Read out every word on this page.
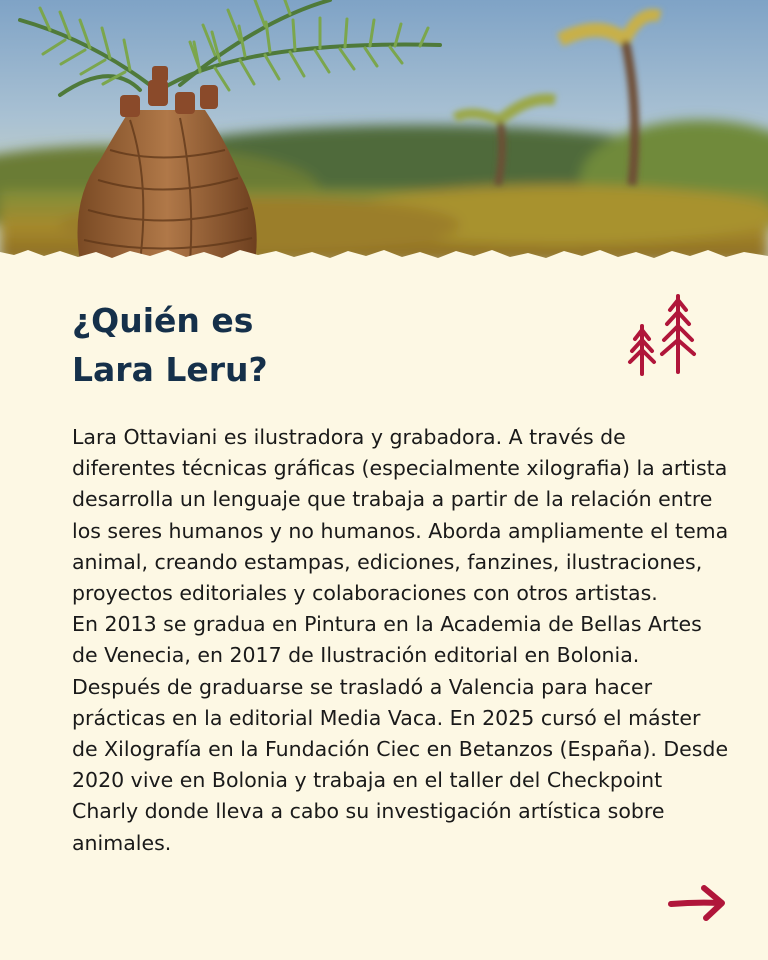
¿Quién es
Lara Leru?

Lara Ottaviani es ilustradora y grabadora. A través de diferentes técnicas gráficas (especialmente xilografia) la artista desarrolla un lenguaje que trabaja a partir de la relación entre los seres humanos y no humanos. Aborda ampliamente el tema animal, creando estampas, ediciones, fanzines, ilustraciones, proyectos editoriales y colaboraciones con otros artistas.

En 2013 se gradua en Pintura en la Academia de Bellas Artes de Venecia, en 2017 de Ilustración editorial en Bolonia. Después de graduarse se trasladó a Valencia para hacer prácticas en la editorial Media Vaca. En 2025 cursó el máster de Xilografía en la Fundación Ciec en Betanzos (España). Desde 2020 vive en Bolonia y trabaja en el taller del Checkpoint Charly donde lleva a cabo su investigación artística sobre animales.
